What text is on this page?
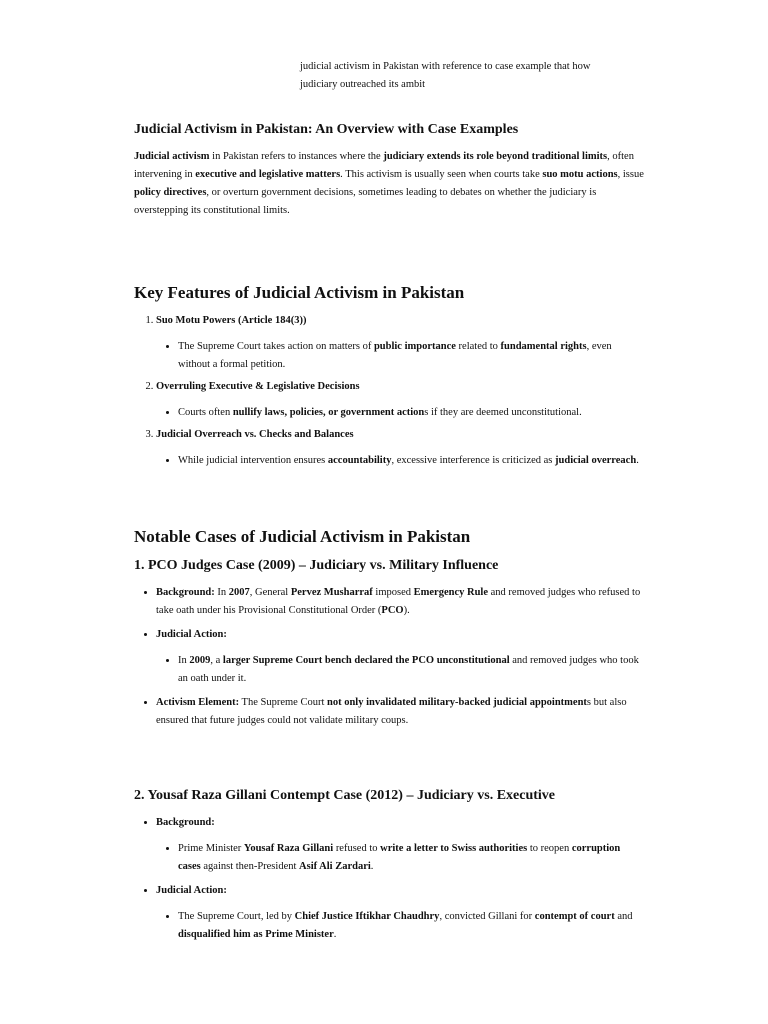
judicial activism in Pakistan with reference to case example that how judiciary outreached its ambit
Judicial Activism in Pakistan: An Overview with Case Examples

Judicial activism in Pakistan refers to instances where the judiciary extends its role beyond traditional limits, often intervening in executive and legislative matters. This activism is usually seen when courts take suo motu actions, issue policy directives, or overturn government decisions, sometimes leading to debates on whether the judiciary is overstepping its constitutional limits.

Key Features of Judicial Activism in Pakistan
1. Suo Motu Powers (Article 184(3))
• The Supreme Court takes action on matters of public importance related to fundamental rights, even without a formal petition.
2. Overruling Executive & Legislative Decisions
• Courts often nullify laws, policies, or government actions if they are deemed unconstitutional.
3. Judicial Overreach vs. Checks and Balances
• While judicial intervention ensures accountability, excessive interference is criticized as judicial overreach.
Notable Cases of Judicial Activism in Pakistan
1. PCO Judges Case (2009) – Judiciary vs. Military Influence
• Background: In 2007, General Pervez Musharraf imposed Emergency Rule and removed judges who refused to take oath under his Provisional Constitutional Order (PCO).
• Judicial Action:
• In 2009, a larger Supreme Court bench declared the PCO unconstitutional and removed judges who took an oath under it.
• Activism Element: The Supreme Court not only invalidated military-backed judicial appointments but also ensured that future judges could not validate military coups.
2. Yousaf Raza Gillani Contempt Case (2012) – Judiciary vs. Executive
• Background:
• Prime Minister Yousaf Raza Gillani refused to write a letter to Swiss authorities to reopen corruption cases against then-President Asif Ali Zardari.
• Judicial Action:
• The Supreme Court, led by Chief Justice Iftikhar Chaudhry, convicted Gillani for contempt of court and disqualified him as Prime Minister.
